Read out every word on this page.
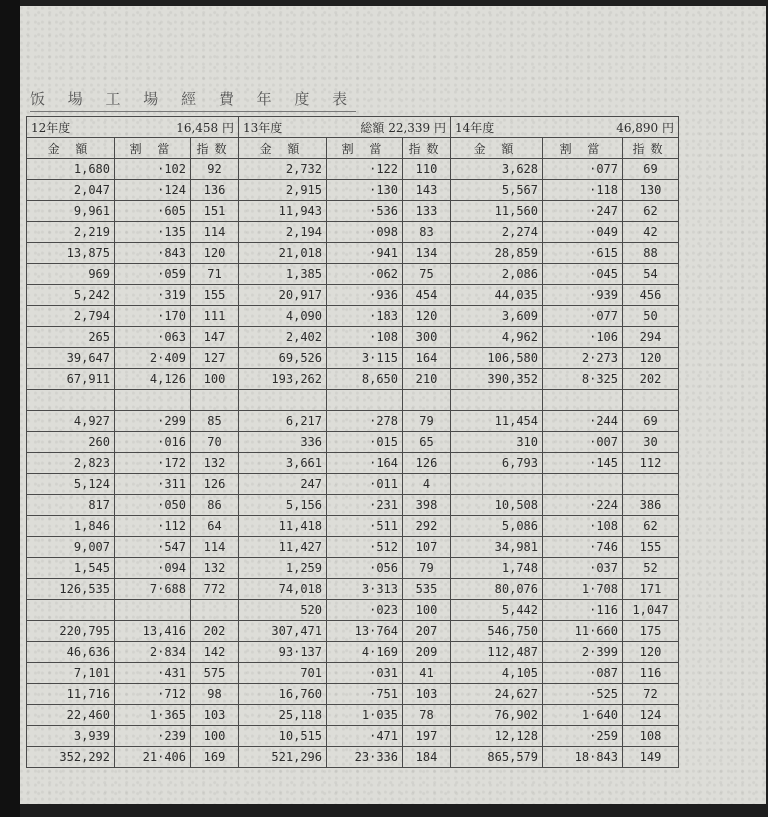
饭 場 工 場 經 費 年 度 表
12年度 16,458 円			13年度 総額 22,339 円			14年度 46,890 円		

金 額	割 當	指数	金 額	割 當	指数	金 額	割 當	指数
1,680	·102	92	2,732	·122	110	3,628	·077	69
2,047	·124	136	2,915	·130	143	5,567	·118	130
9,961	·605	151	11,943	·536	133	11,560	·247	62
2,219	·135	114	2,194	·098	83	2,274	·049	42
13,875	·843	120	21,018	·941	134	28,859	·615	88
969	·059	71	1,385	·062	75	2,086	·045	54
5,242	·319	155	20,917	·936	454	44,035	·939	456
2,794	·170	111	4,090	·183	120	3,609	·077	50
265	·063	147	2,402	·108	300	4,962	·106	294
39,647	2·409	127	69,526	3·115	164	106,580	2·273	120
67,911	4,126	100	193,262	8,650	210	390,352	8·325	202

4,927	·299	85	6,217	·278	79	11,454	·244	69
260	·016	70	336	·015	65	310	·007	30
2,823	·172	132	3,661	·164	126	6,793	·145	112
5,124	·311	126	247	·011	4			
817	·050	86	5,156	·231	398	10,508	·224	386
1,846	·112	64	11,418	·511	292	5,086	·108	62
9,007	·547	114	11,427	·512	107	34,981	·746	155
1,545	·094	132	1,259	·056	79	1,748	·037	52
126,535	7·688	772	74,018	3·313	535	80,076	1·708	171
			520	·023	100	5,442	·116	1,047
220,795	13,416	202	307,471	13·764	207	546,750	11·660	175
46,636	2·834	142	93·137	4·169	209	112,487	2·399	120
7,101	·431	575	701	·031	41	4,105	·087	116
11,716	·712	98	16,760	·751	103	24,627	·525	72
22,460	1·365	103	25,118	1·035	78	76,902	1·640	124
3,939	·239	100	10,515	·471	197	12,128	·259	108
352,292	21·406	169	521,296	23·336	184	865,579	18·843	149
